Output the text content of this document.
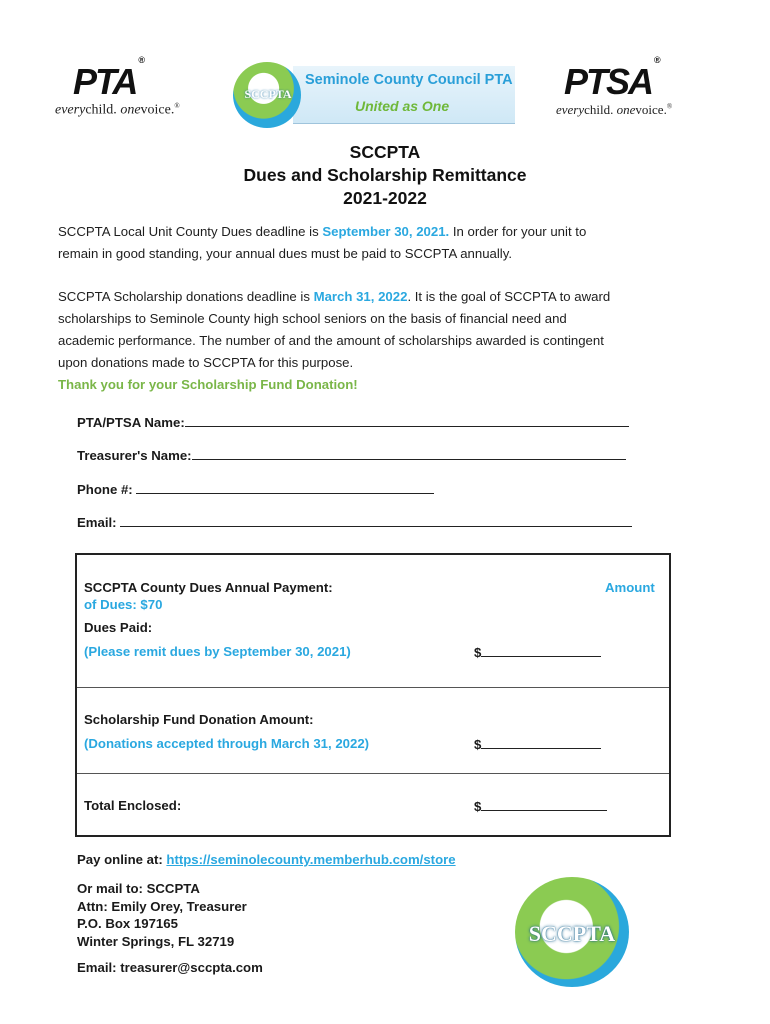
PTA®
everychild. onevoice.®
Seminole County Council PTA
United as One
SCCPTA	PTSA®
everychild. onevoice.®
SCCPTA
Dues and Scholarship Remittance
2021-2022
SCCPTA Local Unit County Dues deadline is September 30, 2021. In order for your unit to
remain in good standing, your annual dues must be paid to SCCPTA annually.
SCCPTA Scholarship donations deadline is March 31, 2022. It is the goal of SCCPTA to award
scholarships to Seminole County high school seniors on the basis of financial need and
academic performance. The number of and the amount of scholarships awarded is contingent
upon donations made to SCCPTA for this purpose.
Thank you for your Scholarship Fund Donation!
PTA/PTSA Name:
Treasurer's Name:
Phone #:
Email:
SCCPTA County Dues Annual Payment:	Amount
of Dues: $70
Dues Paid:
(Please remit dues by September 30, 2021)	$
Scholarship Fund Donation Amount:
(Donations accepted through March 31, 2022)	$
Total Enclosed:	$
Pay online at: https://seminolecounty.memberhub.com/store
Or mail to: SCCPTA
Attn: Emily Orey, Treasurer
P.O. Box 197165
Winter Springs, FL 32719
Email: treasurer@sccpta.com
SCCPTA
